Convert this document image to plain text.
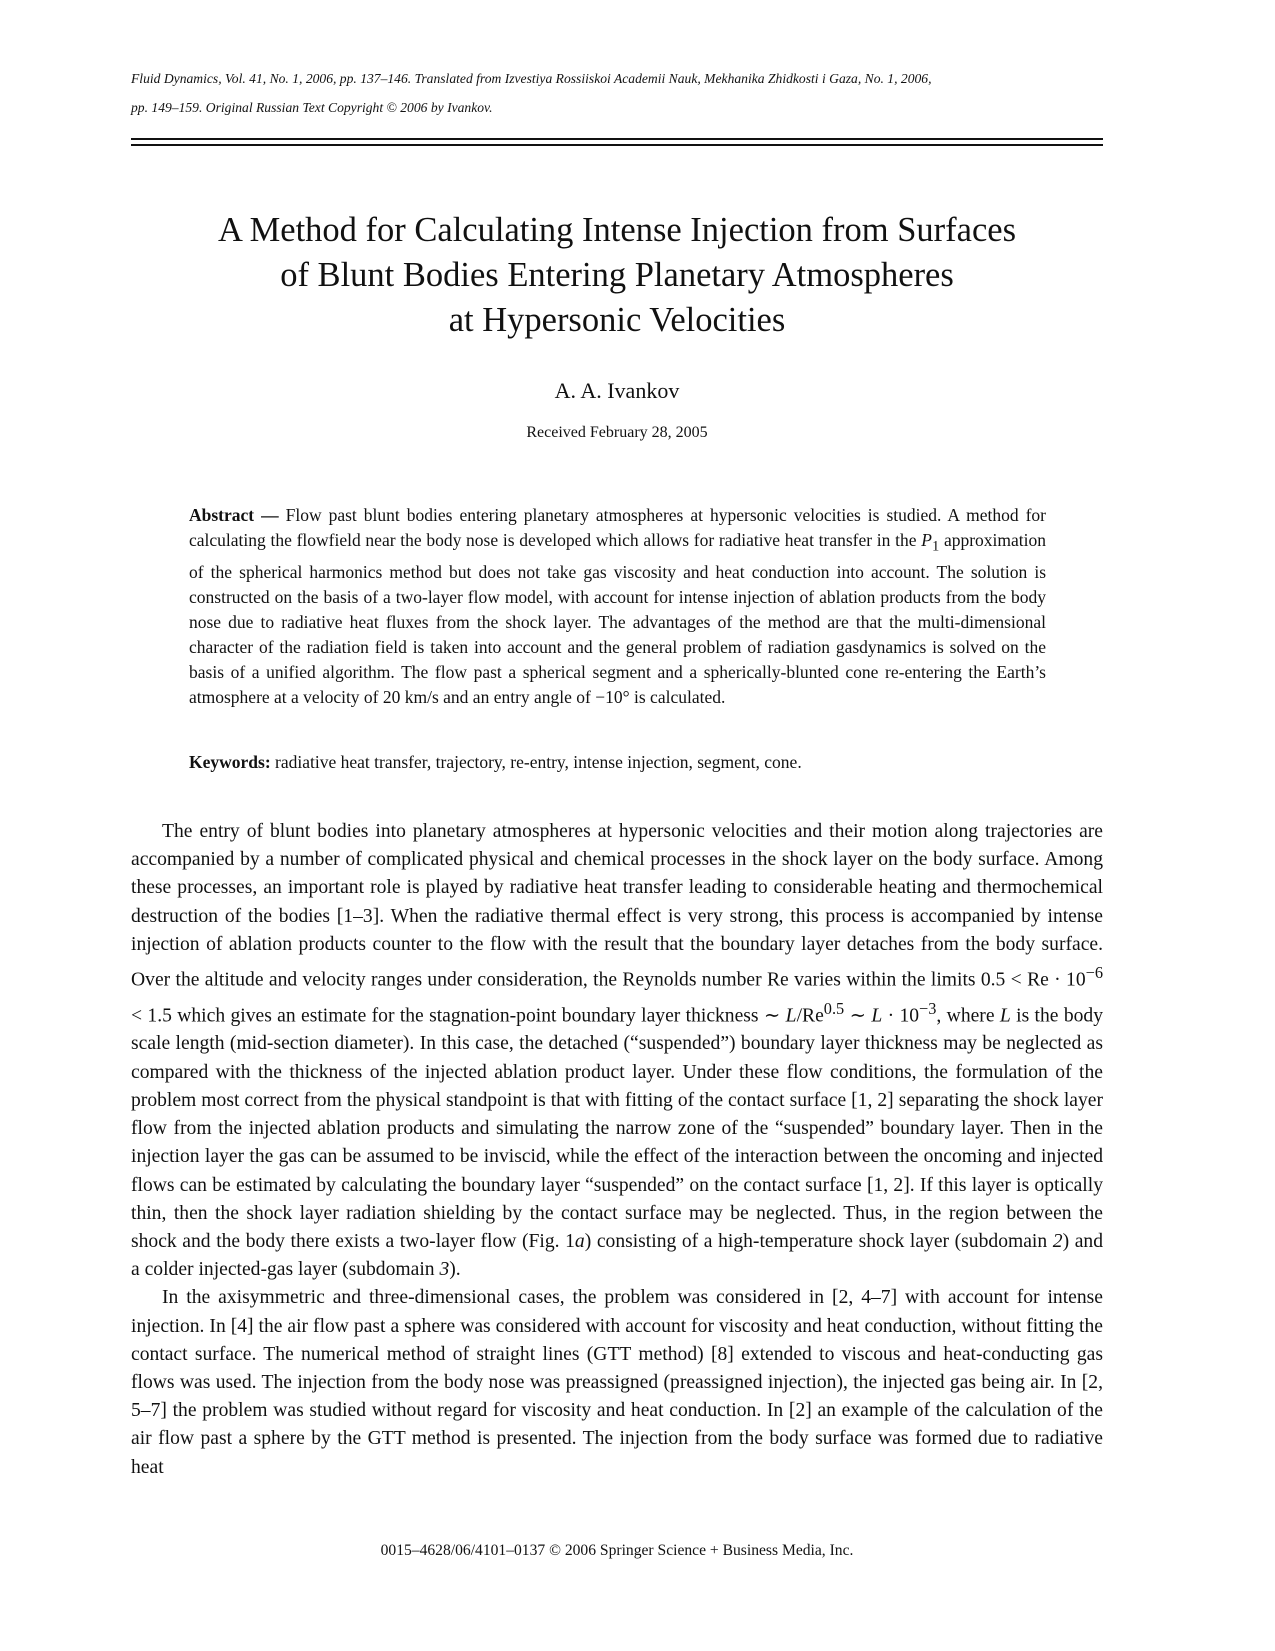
Fluid Dynamics, Vol. 41, No. 1, 2006, pp. 137–146. Translated from Izvestiya Rossiiskoi Academii Nauk, Mekhanika Zhidkosti i Gaza, No. 1, 2006,
pp. 149–159. Original Russian Text Copyright © 2006 by Ivankov.
A Method for Calculating Intense Injection from Surfaces
of Blunt Bodies Entering Planetary Atmospheres
at Hypersonic Velocities
A. A. Ivankov
Received February 28, 2005
Abstract — Flow past blunt bodies entering planetary atmospheres at hypersonic velocities is studied. A method for calculating the flowfield near the body nose is developed which allows for radiative heat transfer in the $P_1$ approximation of the spherical harmonics method but does not take gas viscosity and heat conduction into account. The solution is constructed on the basis of a two-layer flow model, with account for intense injection of ablation products from the body nose due to radiative heat fluxes from the shock layer. The advantages of the method are that the multi-dimensional character of the radiation field is taken into account and the general problem of radiation gasdynamics is solved on the basis of a unified algorithm. The flow past a spherical segment and a spherically-blunted cone re-entering the Earth’s atmosphere at a velocity of 20 km/s and an entry angle of −10° is calculated.
Keywords: radiative heat transfer, trajectory, re-entry, intense injection, segment, cone.

The entry of blunt bodies into planetary atmospheres at hypersonic velocities and their motion along trajectories are accompanied by a number of complicated physical and chemical processes in the shock layer on the body surface. Among these processes, an important role is played by radiative heat transfer leading to considerable heating and thermochemical destruction of the bodies [1–3]. When the radiative thermal effect is very strong, this process is accompanied by intense injection of ablation products counter to the flow with the result that the boundary layer detaches from the body surface. Over the altitude and velocity ranges under consideration, the Reynolds number Re varies within the limits $0.5 < Re \cdot 10^{-6} < 1.5$ which gives an estimate for the stagnation-point boundary layer thickness ∼ $L/Re^{0.5}$ ∼ $L \cdot 10^{-3}$, where L is the body scale length (mid-section diameter). In this case, the detached (“suspended”) boundary layer thickness may be neglected as compared with the thickness of the injected ablation product layer. Under these flow conditions, the formulation of the problem most correct from the physical standpoint is that with fitting of the contact surface [1, 2] separating the shock layer flow from the injected ablation products and simulating the narrow zone of the “suspended” boundary layer. Then in the injection layer the gas can be assumed to be inviscid, while the effect of the interaction between the oncoming and injected flows can be estimated by calculating the boundary layer “suspended” on the contact surface [1, 2]. If this layer is optically thin, then the shock layer radiation shielding by the contact surface may be neglected. Thus, in the region between the shock and the body there exists a two-layer flow (Fig. 1a) consisting of a high-temperature shock layer (subdomain 2) and a colder injected-gas layer (subdomain 3).

In the axisymmetric and three-dimensional cases, the problem was considered in [2, 4–7] with account for intense injection. In [4] the air flow past a sphere was considered with account for viscosity and heat conduction, without fitting the contact surface. The numerical method of straight lines (GTT method) [8] extended to viscous and heat-conducting gas flows was used. The injection from the body nose was preassigned (preassigned injection), the injected gas being air. In [2, 5–7] the problem was studied without regard for viscosity and heat conduction. In [2] an example of the calculation of the air flow past a sphere by the GTT method is presented. The injection from the body surface was formed due to radiative heat

0015–4628/06/4101–0137 © 2006 Springer Science + Business Media, Inc.
